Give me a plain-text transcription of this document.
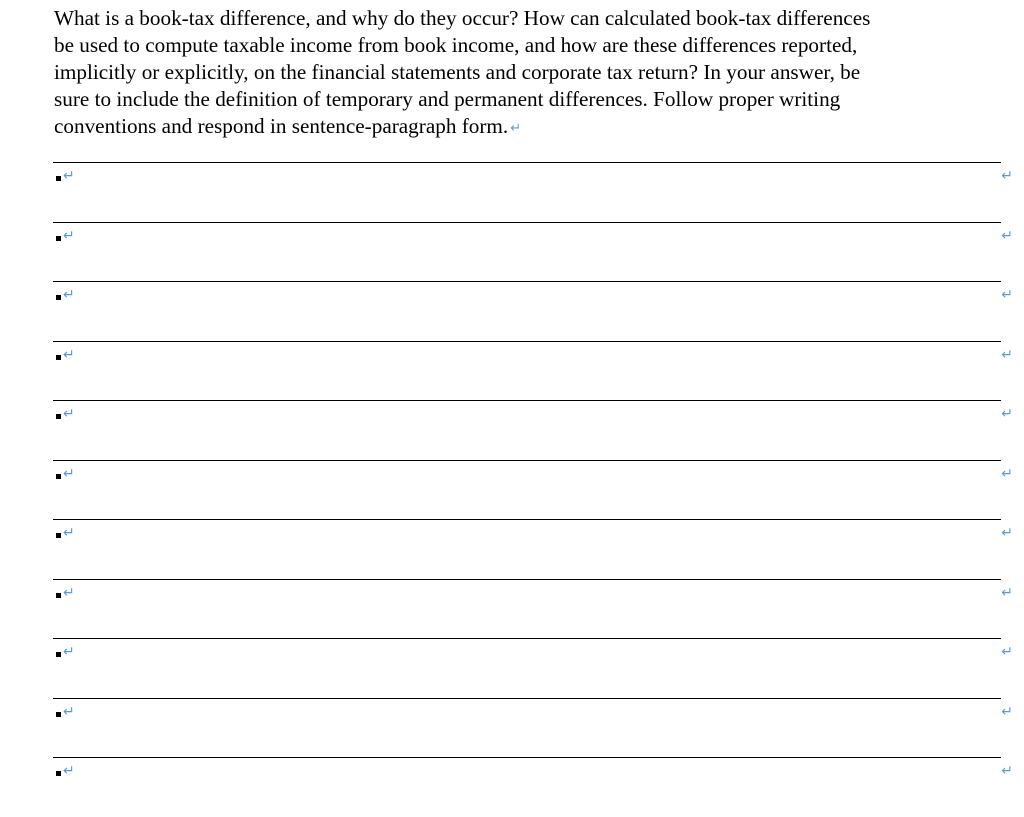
What is a book-tax difference, and why do they occur? How can calculated book-tax differences
be used to compute taxable income from book income, and how are these differences reported,
implicitly or explicitly, on the financial statements and corporate tax return? In your answer, be
sure to include the definition of temporary and permanent differences. Follow proper writing
conventions and respond in sentence-paragraph form. ↵

↵	↵
↵	↵
↵	↵
↵	↵
↵	↵
↵	↵
↵	↵
↵	↵
↵	↵
↵	↵
↵	↵
